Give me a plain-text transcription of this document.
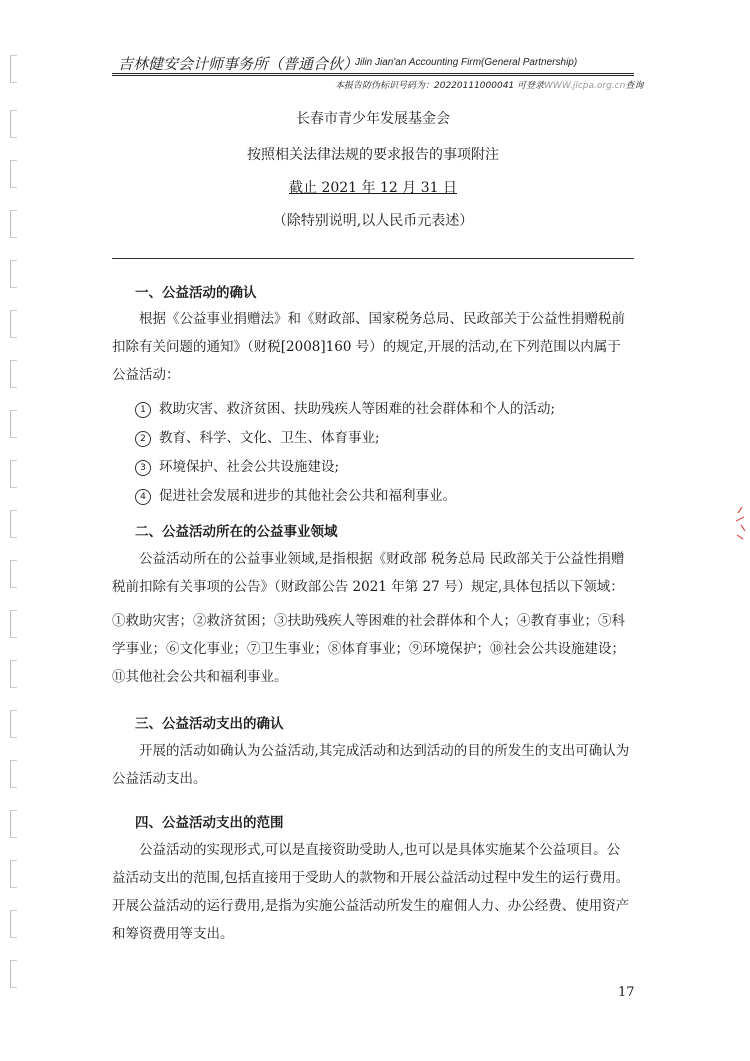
吉林健安会计师事务所（普通合伙）
Jilin Jian'an Accounting Firm(General Partnership)
本报告防伪标识号码为：20220111000041 可登录WWW.jlcpa.org.cn查询
长春市青少年发展基金会
按照相关法律法规的要求报告的事项附注
截止 2021 年 12 月 31 日
（除特别说明,以人民币元表述）
一、公益活动的确认

根据《公益事业捐赠法》和《财政部、国家税务总局、民政部关于公益性捐赠税前扣除有关问题的通知》（财税[2008]160 号）的规定,开展的活动,在下列范围以内属于公益活动：

1 救助灾害、救济贫困、扶助残疾人等困难的社会群体和个人的活动;
2 教育、科学、文化、卫生、体育事业;
3 环境保护、社会公共设施建设;
4 促进社会发展和进步的其他社会公共和福利事业。
二、公益活动所在的公益事业领域

公益活动所在的公益事业领域,是指根据《财政部 税务总局 民政部关于公益性捐赠税前扣除有关事项的公告》（财政部公告 2021 年第 27 号）规定,具体包括以下领域：

①救助灾害；②救济贫困；③扶助残疾人等困难的社会群体和个人；④教育事业；⑤科学事业；⑥文化事业；⑦卫生事业；⑧体育事业；⑨环境保护；⑩社会公共设施建设；⑪其他社会公共和福利事业。

三、公益活动支出的确认

开展的活动如确认为公益活动,其完成活动和达到活动的目的所发生的支出可确认为公益活动支出。

四、公益活动支出的范围

公益活动的实现形式,可以是直接资助受助人,也可以是具体实施某个公益项目。公益活动支出的范围,包括直接用于受助人的款物和开展公益活动过程中发生的运行费用。开展公益活动的运行费用,是指为实施公益活动所发生的雇佣人力、办公经费、使用资产和筹资费用等支出。

17
